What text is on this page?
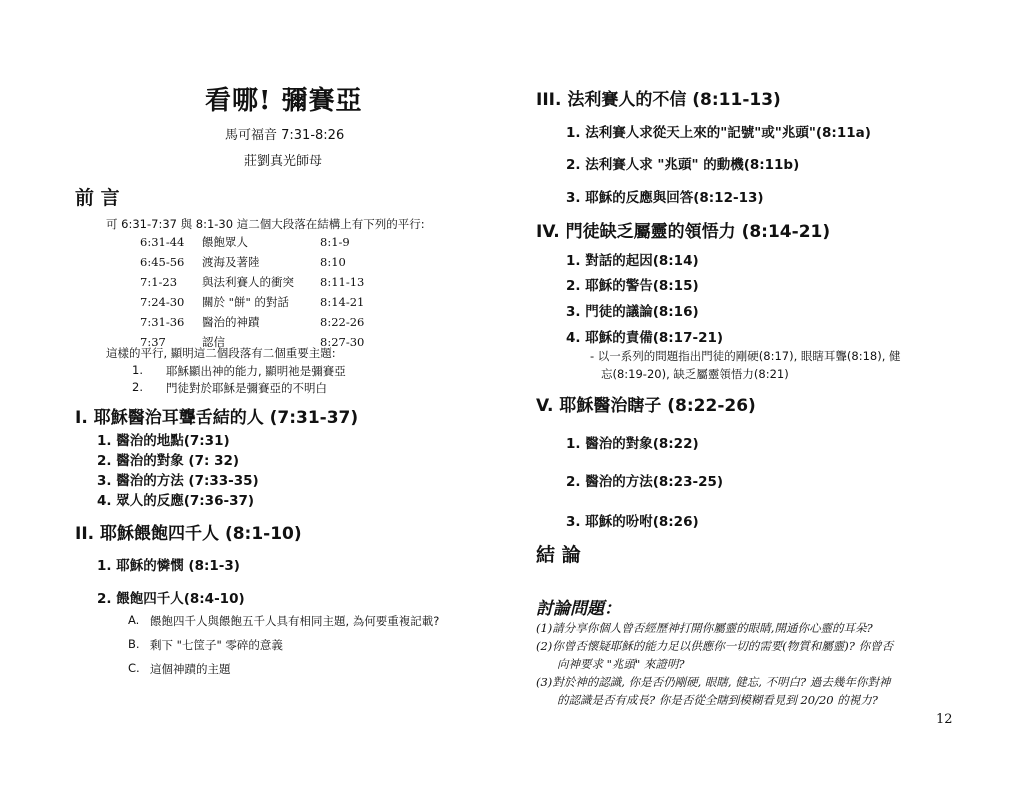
看哪! 彌賽亞
馬可福音 7:31-8:26
莊劉真光師母
前 言
可 6:31-7:37 與 8:1-30 這二個大段落在結構上有下列的平行:
6:31-44	餵飽眾人	8:1-9
6:45-56	渡海及著陸	8:10
7:1-23	與法利賽人的衝突	8:11-13
7:24-30	關於 "餅" 的對話	8:14-21
7:31-36	醫治的神蹟	8:22-26
7:37	認信	8:27-30
這樣的平行, 顯明這二個段落有二個重要主題:
1. 耶穌顯出神的能力, 顯明祂是彌賽亞
2. 門徒對於耶穌是彌賽亞的不明白
I. 耶穌醫治耳聾舌結的人 (7:31-37)
1. 醫治的地點(7:31)
2. 醫治的對象 (7: 32)
3. 醫治的方法 (7:33-35)
4. 眾人的反應(7:36-37)
II. 耶穌餵飽四千人 (8:1-10)
1. 耶穌的憐憫 (8:1-3)
2. 餵飽四千人(8:4-10)
A. 餵飽四千人與餵飽五千人具有相同主題, 為何要重複記載?
B. 剩下 "七筐子" 零碎的意義
C. 這個神蹟的主題
III. 法利賽人的不信 (8:11-13)
1. 法利賽人求從天上來的"記號"或"兆頭"(8:11a)
2. 法利賽人求 "兆頭" 的動機(8:11b)
3. 耶穌的反應與回答(8:12-13)
IV. 門徒缺乏屬靈的領悟力 (8:14-21)
1. 對話的起因(8:14)
2. 耶穌的警告(8:15)
3. 門徒的議論(8:16)
4. 耶穌的責備(8:17-21)
- 以一系列的問題指出門徒的剛硬(8:17), 眼瞎耳聾(8:18), 健
忘(8:19-20), 缺乏屬靈領悟力(8:21)
V. 耶穌醫治瞎子 (8:22-26)
1. 醫治的對象(8:22)
2. 醫治的方法(8:23-25)
3. 耶穌的吩咐(8:26)
結 論
討論問題：
(1)請分享你個人曾否經歷神打開你屬靈的眼睛,開通你心靈的耳朵?
(2)你曾否懷疑耶穌的能力足以供應你一切的需要(物質和屬靈)? 你曾否
向神要求 "兆頭" 來證明?
(3)對於神的認識, 你是否仍剛硬, 眼瞎, 健忘, 不明白? 過去幾年你對神
的認識是否有成長? 你是否從全瞎到模糊看見到 20/20 的視力?
12
